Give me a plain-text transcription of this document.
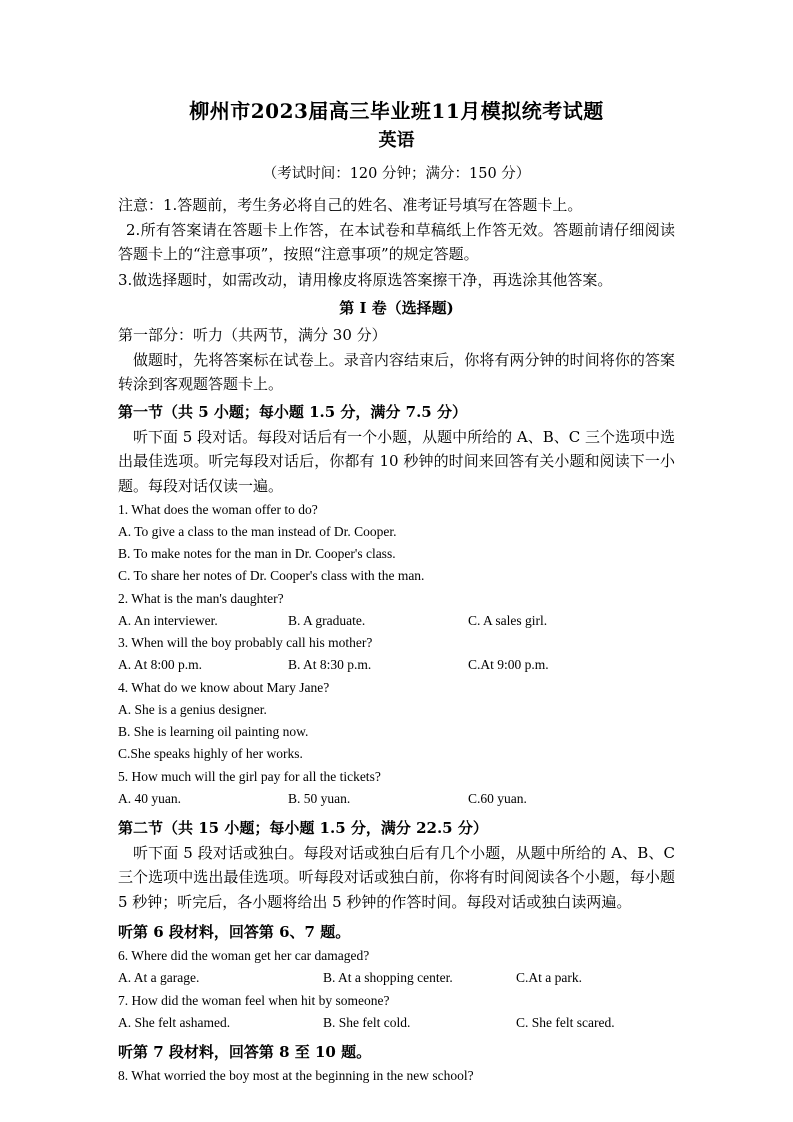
柳州市2023届高三毕业班11月模拟统考试题
英语
（考试时间：120 分钟；满分：150 分）
注意：1.答题前，考生务必将自己的姓名、准考证号填写在答题卡上。
2.所有答案请在答题卡上作答，在本试卷和草稿纸上作答无效。答题前请仔细阅读答题卡上的“注意事项”，按照“注意事项”的规定答题。
3.做选择题时，如需改动，请用橡皮将原选答案擦干净，再选涂其他答案。
第 I 卷（选择题)
第一部分：听力（共两节，满分 30 分）
做题时，先将答案标在试卷上。录音内容结束后，你将有两分钟的时间将你的答案转涂到客观题答题卡上。
第一节（共 5 小题；每小题 1.5 分，满分 7.5 分）
听下面 5 段对话。每段对话后有一个小题，从题中所给的 A、B、C 三个选项中选出最佳选项。听完每段对话后，你都有 10 秒钟的时间来回答有关小题和阅读下一小题。每段对话仅读一遍。
1. What does the woman offer to do?
A. To give a class to the man instead of Dr. Cooper.
B. To make notes for the man in Dr. Cooper's class.
C. To share her notes of Dr. Cooper's class with the man.
2. What is the man's daughter?
A. An interviewer.	B. A graduate.	C. A sales girl.
3. When will the boy probably call his mother?
A. At 8:00 p.m.	B. At 8:30 p.m.	C.At 9:00 p.m.
4. What do we know about Mary Jane?
A. She is a genius designer.
B. She is learning oil painting now.
C.She speaks highly of her works.
5. How much will the girl pay for all the tickets?
A. 40 yuan.	B. 50 yuan.	C.60 yuan.
第二节（共 15 小题；每小题 1.5 分，满分 22.5 分）
听下面 5 段对话或独白。每段对话或独白后有几个小题，从题中所给的 A、B、C 三个选项中选出最佳选项。听每段对话或独白前，你将有时间阅读各个小题，每小题 5 秒钟；听完后，各小题将给出 5 秒钟的作答时间。每段对话或独白读两遍。
听第 6 段材料，回答第 6、7 题。
6. Where did the woman get her car damaged?
A. At a garage.	B. At a shopping center.	C.At a park.
7. How did the woman feel when hit by someone?
A. She felt ashamed.	B. She felt cold.	C. She felt scared.
听第 7 段材料，回答第 8 至 10 题。
8. What worried the boy most at the beginning in the new school?
